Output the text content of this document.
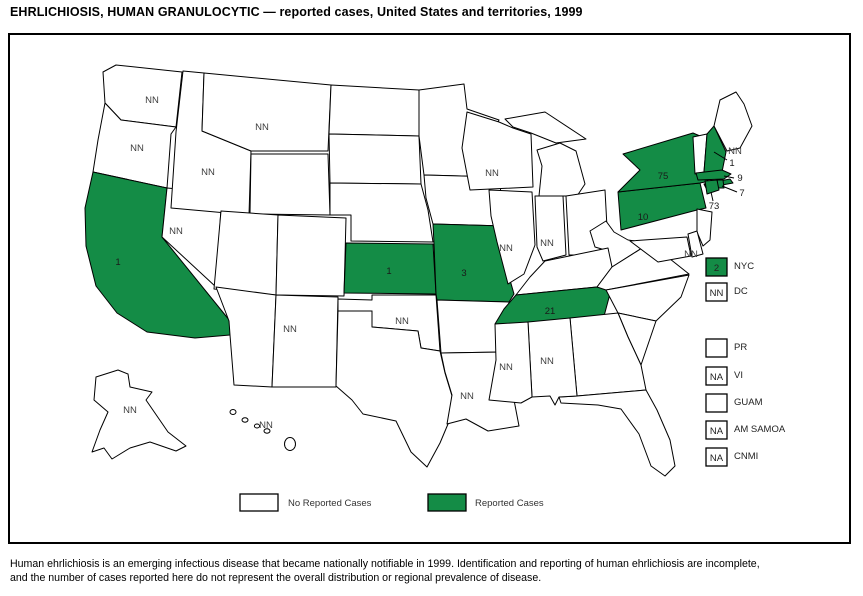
EHRLICHIOSIS, HUMAN GRANULOCYTIC — reported cases, United States and territories, 1999
NN
NN
NN
NN
NN
NN
NN
NN
NN	NN
NN
NN
NN
NN
NN
NN
NN
1
1	3
21
10
75
1
9
7
73
2 NYC
NN DC
PR
NA VI
GUAM
NA AM SAMOA
NA CNMI
No Reported Cases	Reported Cases
Human ehrlichiosis is an emerging infectious disease that became nationally notifiable in 1999. Identification and reporting of human ehrlichiosis are incomplete,
and the number of cases reported here do not represent the overall distribution or regional prevalence of disease.
